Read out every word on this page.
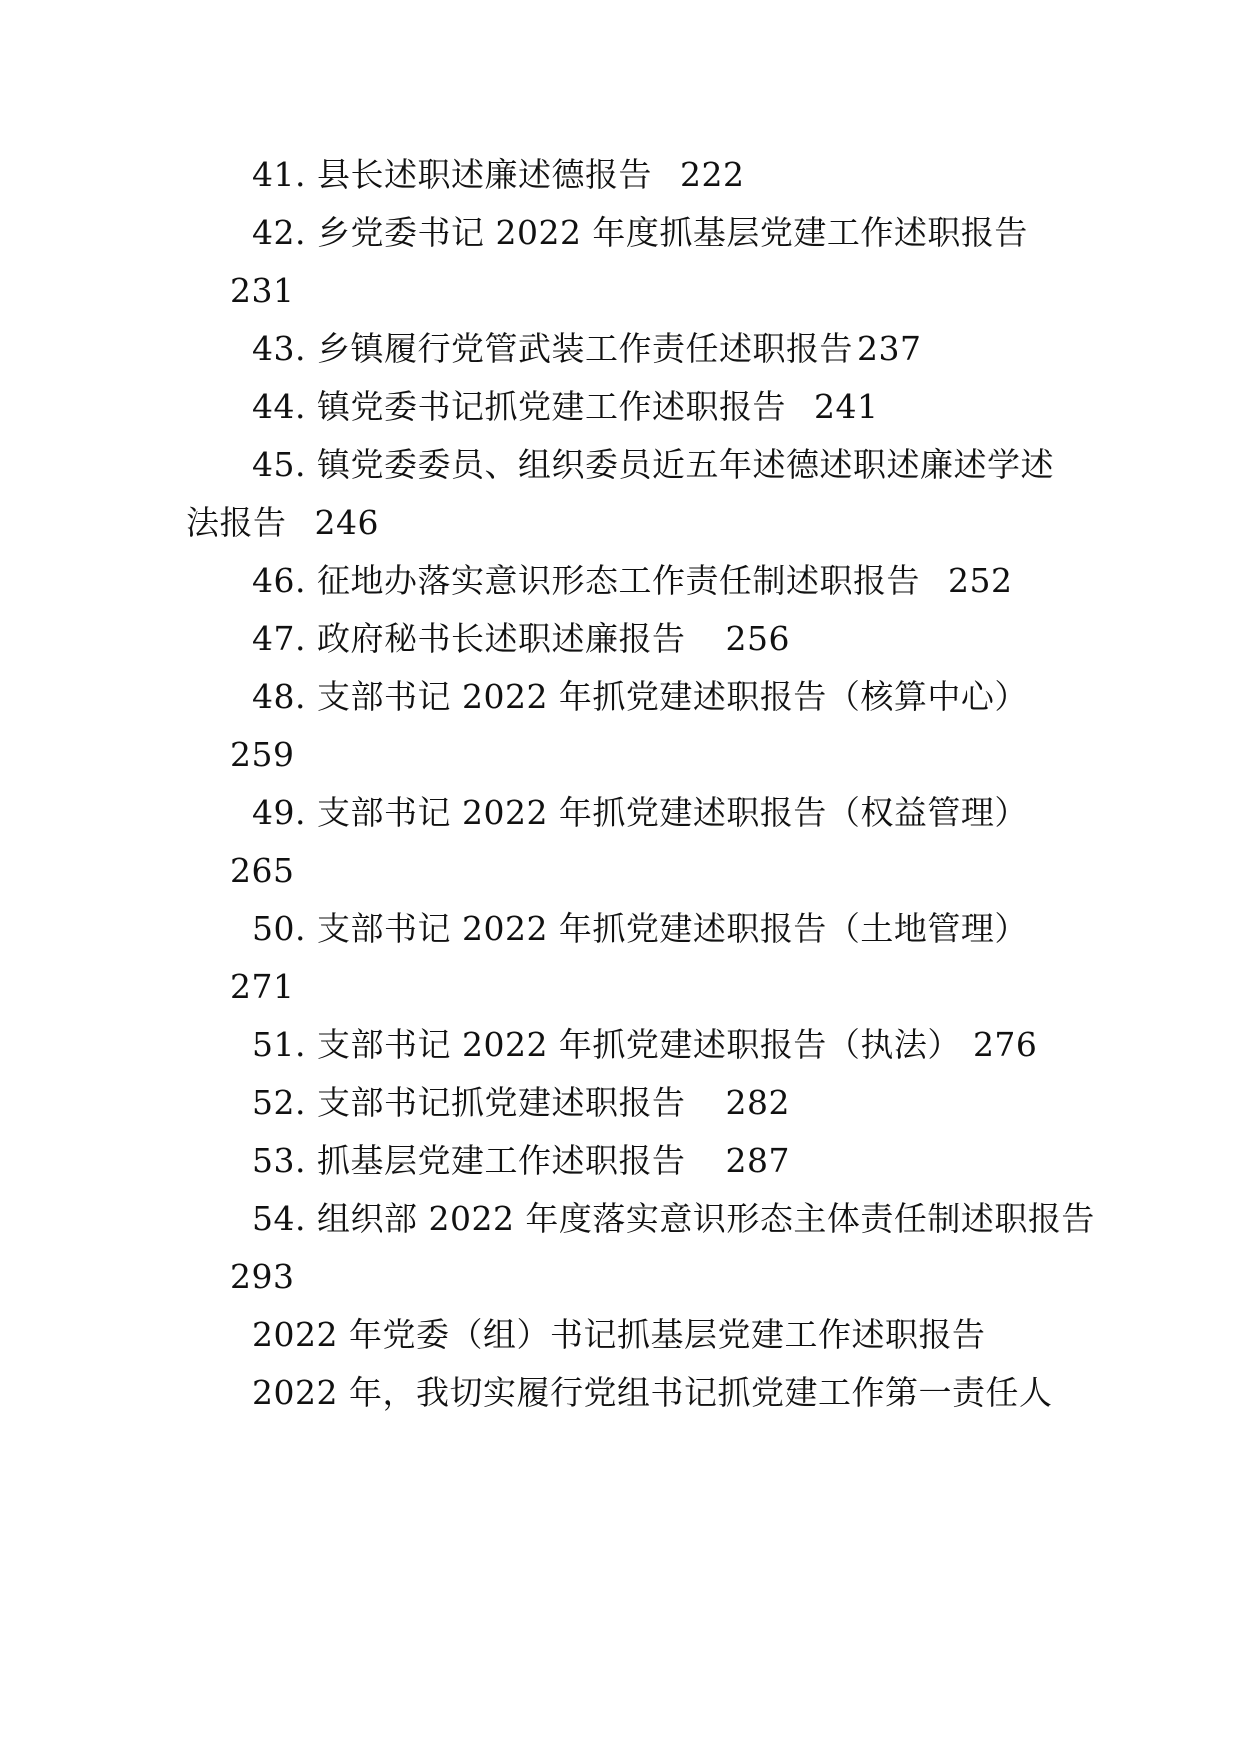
41. 县长述职述廉述德报告 222
42. 乡党委书记 2022 年度抓基层党建工作述职报告
231
43. 乡镇履行党管武装工作责任述职报告 237
44. 镇党委书记抓党建工作述职报告 241
45. 镇党委委员、组织委员近五年述德述职述廉述学述
法报告 246
46. 征地办落实意识形态工作责任制述职报告 252
47. 政府秘书长述职述廉报告 256
48. 支部书记 2022 年抓党建述职报告（核算中心）
259
49. 支部书记 2022 年抓党建述职报告（权益管理）
265
50. 支部书记 2022 年抓党建述职报告（土地管理）
271
51. 支部书记 2022 年抓党建述职报告（执法） 276
52. 支部书记抓党建述职报告 282
53. 抓基层党建工作述职报告 287
54. 组织部 2022 年度落实意识形态主体责任制述职报告
293
2022 年党委（组）书记抓基层党建工作述职报告
2022 年，我切实履行党组书记抓党建工作第一责任人
